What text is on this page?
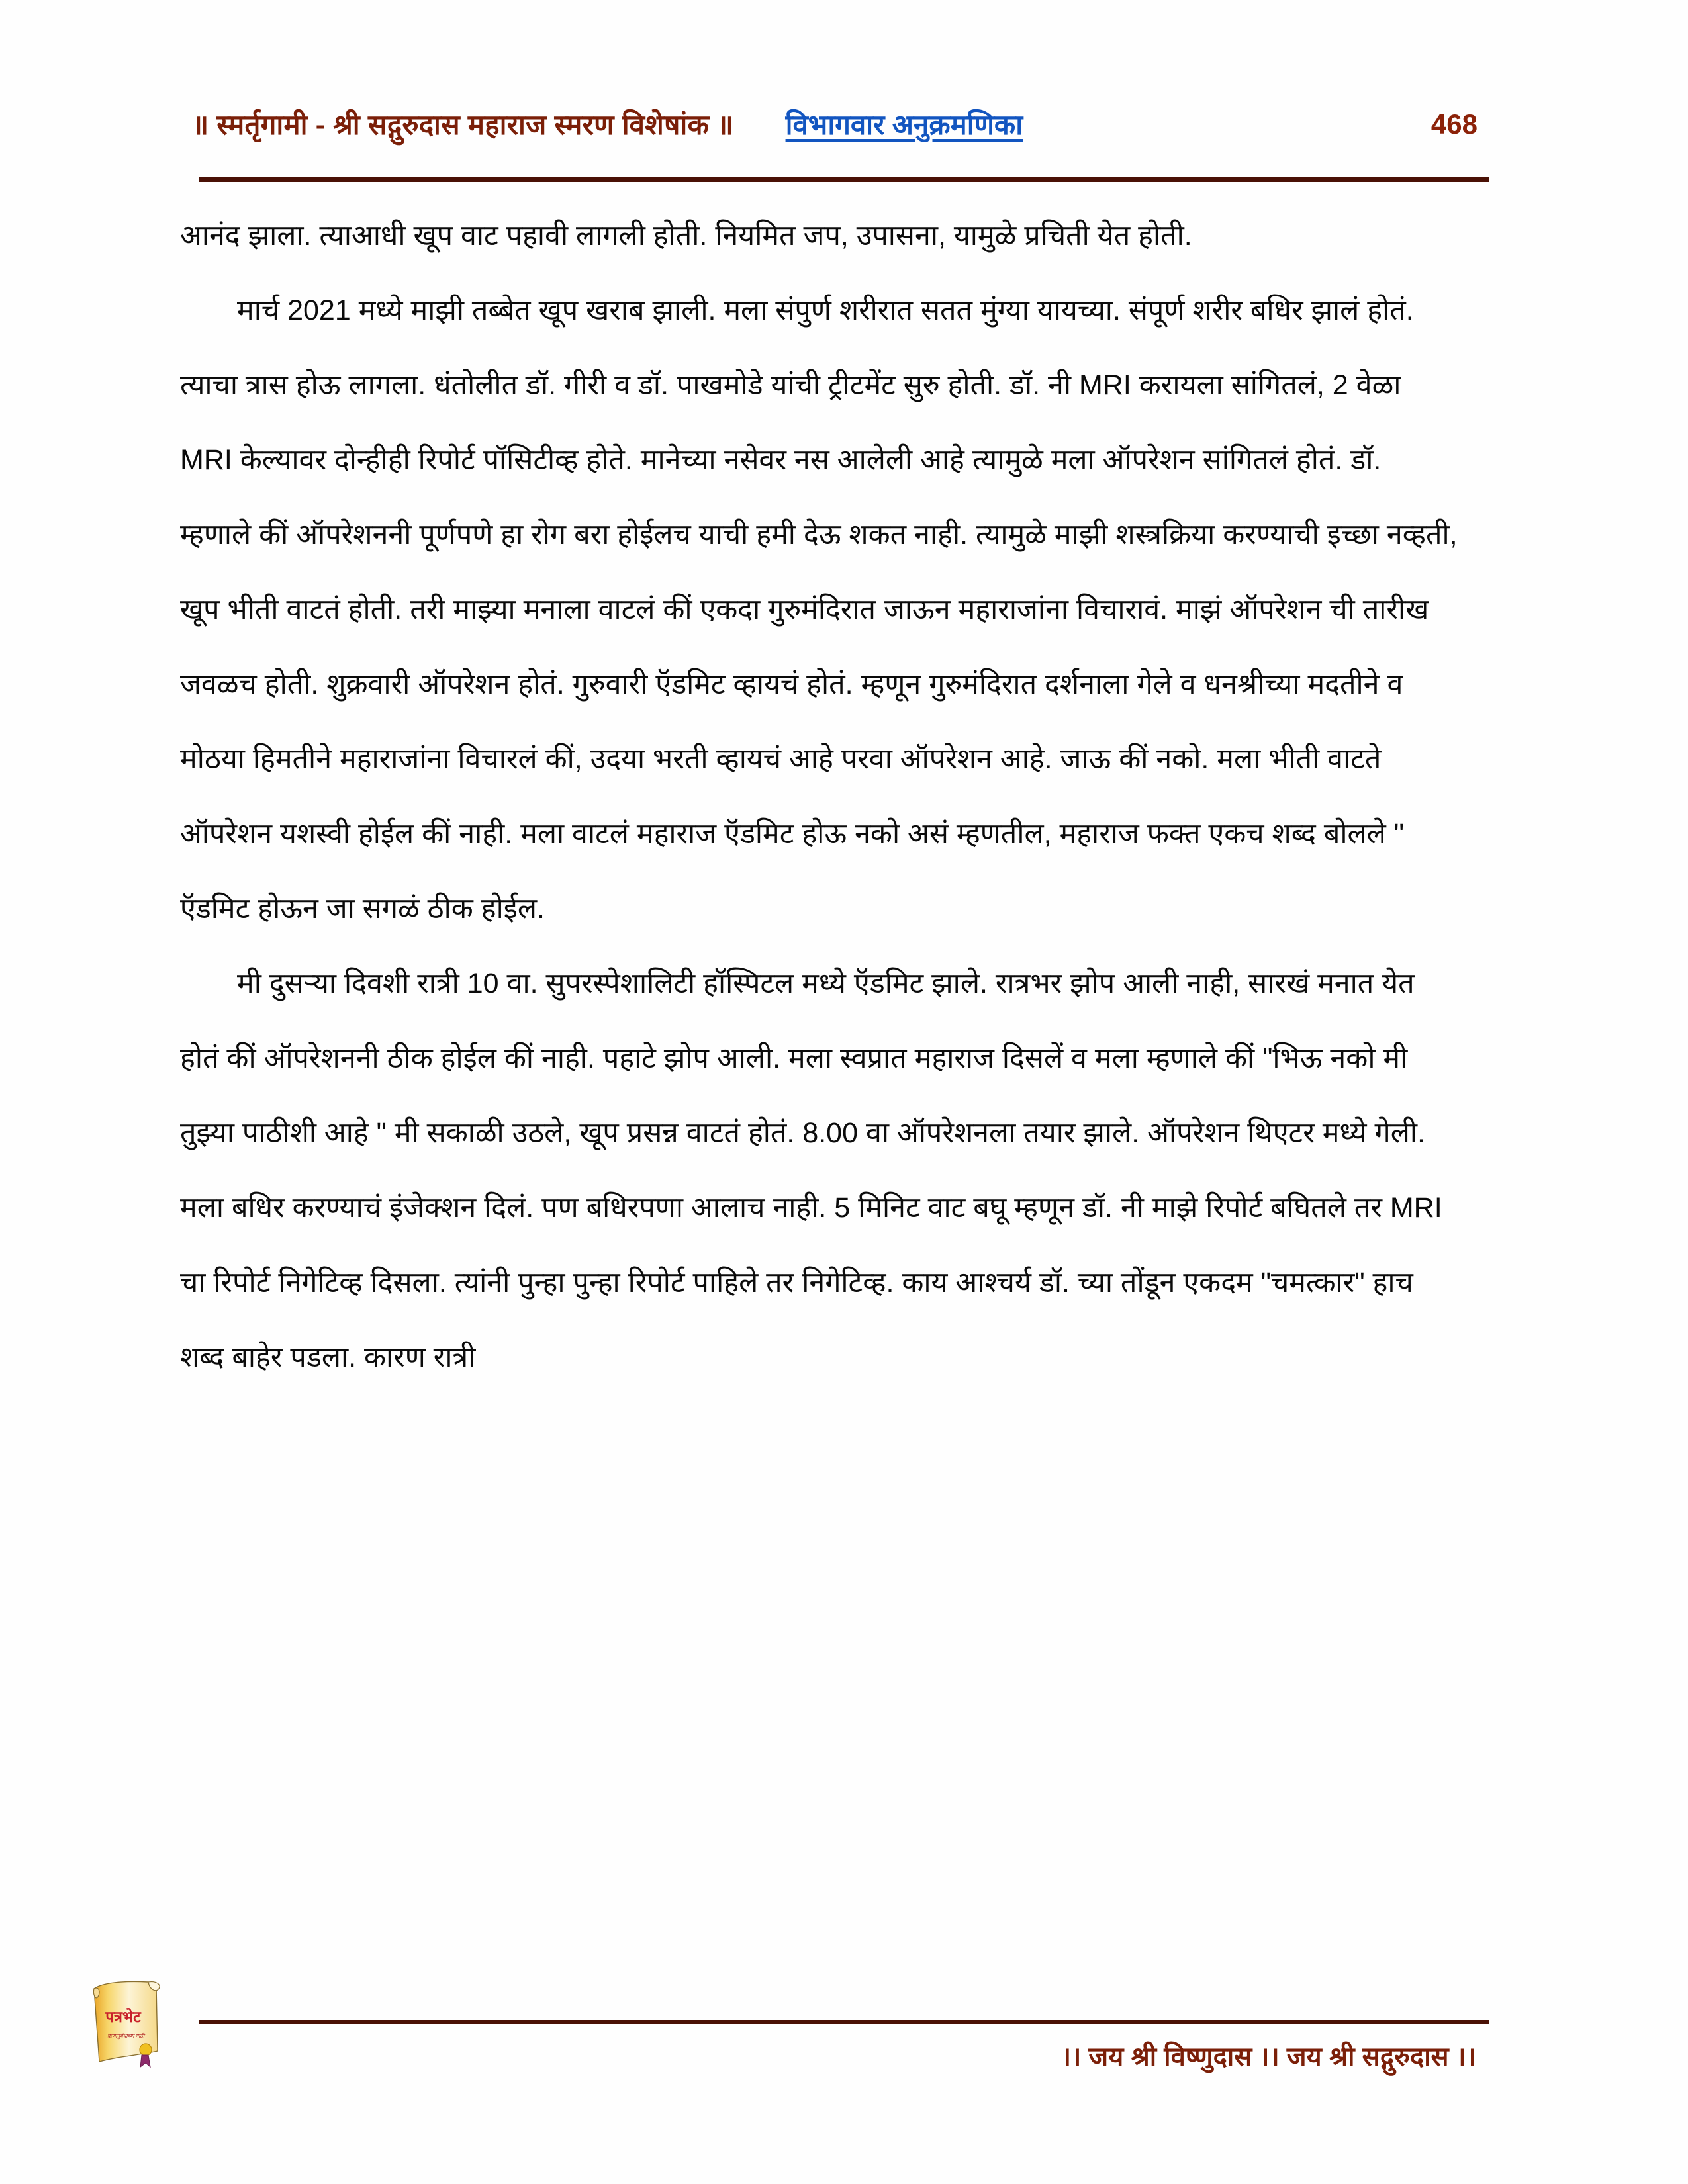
॥ स्मर्तृगामी - श्री सद्गुरुदास महाराज स्मरण विशेषांक ॥ विभागवार अनुक्रमणिका	468

आनंद झाला. त्याआधी खूप वाट पहावी लागली होती. नियमित जप, उपासना, यामुळे प्रचिती येत होती.

मार्च 2021 मध्ये माझी तब्बेत खूप खराब झाली. मला संपुर्ण शरीरात सतत मुंग्या यायच्या. संपूर्ण शरीर बधिर झालं होतं. त्याचा त्रास होऊ लागला. धंतोलीत डॉ. गीरी व डॉ. पाखमोडे यांची ट्रीटमेंट सुरु होती. डॉ. नी MRI करायला सांगितलं, 2 वेळा MRI केल्यावर दोन्हीही रिपोर्ट पॉसिटीव्ह होते. मानेच्या नसेवर नस आलेली आहे त्यामुळे मला ऑपरेशन सांगितलं होतं. डॉ. म्हणाले कीं ऑपरेशननी पूर्णपणे हा रोग बरा होईलच याची हमी देऊ शकत नाही. त्यामुळे माझी शस्त्रक्रिया करण्याची इच्छा नव्हती, खूप भीती वाटतं होती. तरी माझ्या मनाला वाटलं कीं एकदा गुरुमंदिरात जाऊन महाराजांना विचारावं. माझं ऑपरेशन ची तारीख जवळच होती. शुक्रवारी ऑपरेशन होतं. गुरुवारी ऍडमिट व्हायचं होतं. म्हणून गुरुमंदिरात दर्शनाला गेले व धनश्रीच्या मदतीने व मोठया हिमतीने महाराजांना विचारलं कीं, उदया भरती व्हायचं आहे परवा ऑपरेशन आहे. जाऊ कीं नको. मला भीती वाटते ऑपरेशन यशस्वी होईल कीं नाही. मला वाटलं महाराज ऍडमिट होऊ नको असं म्हणतील, महाराज फक्त एकच शब्द बोलले " ऍडमिट होऊन जा सगळं ठीक होईल.

मी दुसऱ्या दिवशी रात्री 10 वा. सुपरस्पेशालिटी हॉस्पिटल मध्ये ऍडमिट झाले. रात्रभर झोप आली नाही, सारखं मनात येत होतं कीं ऑपरेशननी ठीक होईल कीं नाही. पहाटे झोप आली. मला स्वप्रात महाराज दिसलें व मला म्हणाले कीं "भिऊ नको मी तुझ्या पाठीशी आहे " मी सकाळी उठले, खूप प्रसन्न वाटतं होतं. 8.00 वा ऑपरेशनला तयार झाले. ऑपरेशन थिएटर मध्ये गेली. मला बधिर करण्याचं इंजेक्शन दिलं. पण बधिरपणा आलाच नाही. 5 मिनिट वाट बघू म्हणून डॉ. नी माझे रिपोर्ट बघितले तर MRI चा रिपोर्ट निगेटिव्ह दिसला. त्यांनी पुन्हा पुन्हा रिपोर्ट पाहिले तर निगेटिव्ह. काय आश्चर्य डॉ. च्या तोंडून एकदम "चमत्कार" हाच शब्द बाहेर पडला. कारण रात्री

।। जय श्री विष्णुदास ।। जय श्री सद्गुरुदास ।।
पत्रभेट
ऋणानुबंधाच्या गाठी
